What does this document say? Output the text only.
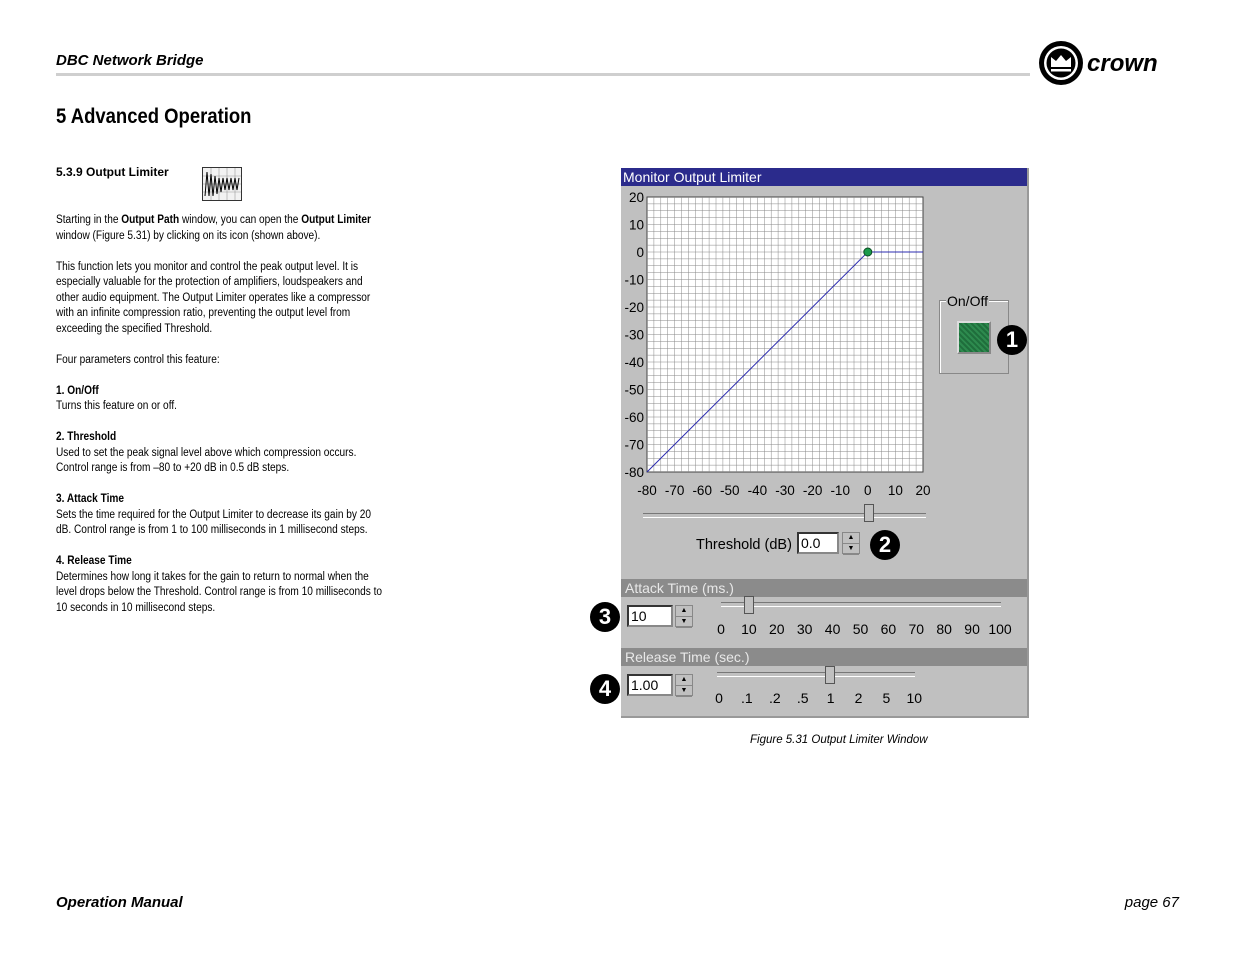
DBC Network Bridge	crown
5 Advanced Operation
5.3.9 Output Limiter

Starting in the Output Path window, you can open the Output Limiter window (Figure 5.31) by clicking on its icon (shown above).

This function lets you monitor and control the peak output level. It is especially valuable for the protection of amplifiers, loudspeakers and other audio equipment. The Output Limiter operates like a compressor with an infinite compression ratio, preventing the output level from exceeding the specified Threshold.

Four parameters control this feature:

1. On/Off

Turns this feature on or off.

2. Threshold

Used to set the peak signal level above which compression occurs. Control range is from –80 to +20 dB in 0.5 dB steps.

3. Attack Time

Sets the time required for the Output Limiter to decrease its gain by 20 dB. Control range is from 1 to 100 milliseconds in 1 millisecond steps.

4. Release Time

Determines how long it takes for the gain to return to normal when the level drops below the Threshold. Control range is from 10 milliseconds to 10 seconds in 10 millisecond steps.

Monitor Output Limiter
20
10
0
-10
-20
-30
-40
-50
-60
-70
-80
-80 -70 -60 -50 -40 -30 -20 -10 0 10 20
On/Off
Threshold (dB) 0.0	▲
▼
Attack Time (ms.)
10	▲
▼	0	10 20 30 40 50 60 70 80 90 100
Release Time (sec.)
1.00	▲
▼	0	.1	.2	.5	1	2	5	10
1
2
3
4
Figure 5.31 Output Limiter Window
Operation Manual	page 67
